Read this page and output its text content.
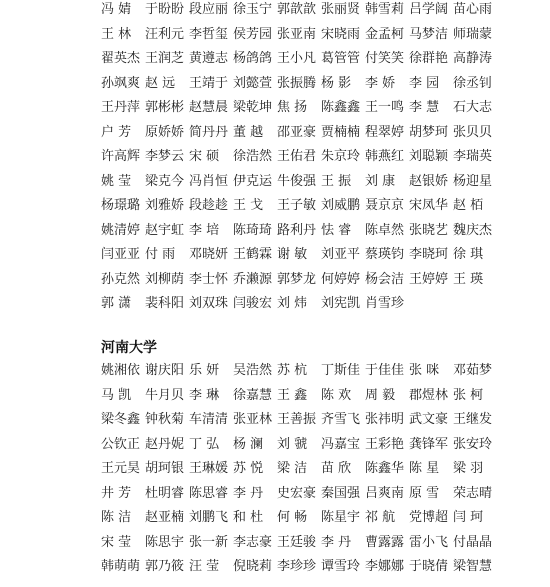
冯 婧 于盼盼 段应丽 徐玉宁 郭歆歆 张丽贤 韩雪莉 吕学阔 苗心雨
王 林 汪利元 李哲玺 侯芳园 张亚南 宋晓雨 金孟柯 马梦洁 师瑞蒙
翟英杰 王润芝 黄遵志 杨鸽鸽 王小凡 葛管管 付笑笑 徐群艳 高静涛
孙飒爽 赵 远 王靖于 刘懿萱 张振腾 杨 影 李 娇 李 园 徐丞钊
王丹萍 郭彬彬 赵慧晨 梁乾坤 焦 扬 陈鑫鑫 王一鸣 李 慧 石大志
户 芳 原娇娇 简丹丹 董 越 邵亚豪 贾楠楠 程翠婷 胡梦珂 张贝贝
许高辉 李梦云 宋 硕 徐浩然 王佑君 朱京玲 韩燕红 刘聪颖 李瑞英
姚 莹 梁克今 冯肖恒 伊克运 牛俊强 王 振 刘 康 赵银娇 杨迎星
杨璟璐 刘雅娇 段趁趁 王 戈 王子敏 刘威鹏 聂京京 宋凤华 赵 栢
姚清婷 赵宇虹 李 培 陈琦琦 路利丹 怯 睿 陈卓然 张晓艺 魏庆杰
闫亚亚 付 雨 邓晓妍 王鹤霖 谢 敏 刘亚平 蔡瑛钧 李晓珂 徐 琪
孙克然 刘柳荫 李士怀 乔濑源 郭梦龙 何婷婷 杨会洁 王婷婷 王 瑛
郭 潇 裴科阳 刘双珠 闫骏宏 刘 炜 刘宪凯 肖雪珍
河南大学
姚湘依 谢庆阳 乐 妍 吴浩然 苏 杭 丁斯佳 于佳佳 张 咪 邓茹梦
马 凯 牛月贝 李 琳 徐嘉慧 王 鑫 陈 欢 周 毅 郡煜林 张 柯
梁冬鑫 钟秋菊 车清清 张亚林 王善振 齐雪飞 张祎明 武文豪 王继发
公钦正 赵丹妮 丁 弘 杨 澜 刘 虢 冯嘉宝 王彩艳 龚锋军 张安玲
王元昊 胡珂银 王琳媛 苏 悦 梁 洁 苗 欣 陈鑫华 陈 星 梁 羽
井 芳 杜明睿 陈思睿 李 丹 史宏豪 秦国强 吕爽南 原 雪 荣志晴
陈 洁 赵亚楠 刘鹏飞 和 杜 何 畅 陈星宇 祁 航 党博超 闫 珂
宋 莹 陈思宇 张一新 李志豪 王廷骏 李 丹 曹露露 雷小飞 付晶晶
韩萌萌 郭乃筱 汪 莹 倪晓莉 李珍珍 谭雪玲 李娜娜 于晓倩 梁智慧
